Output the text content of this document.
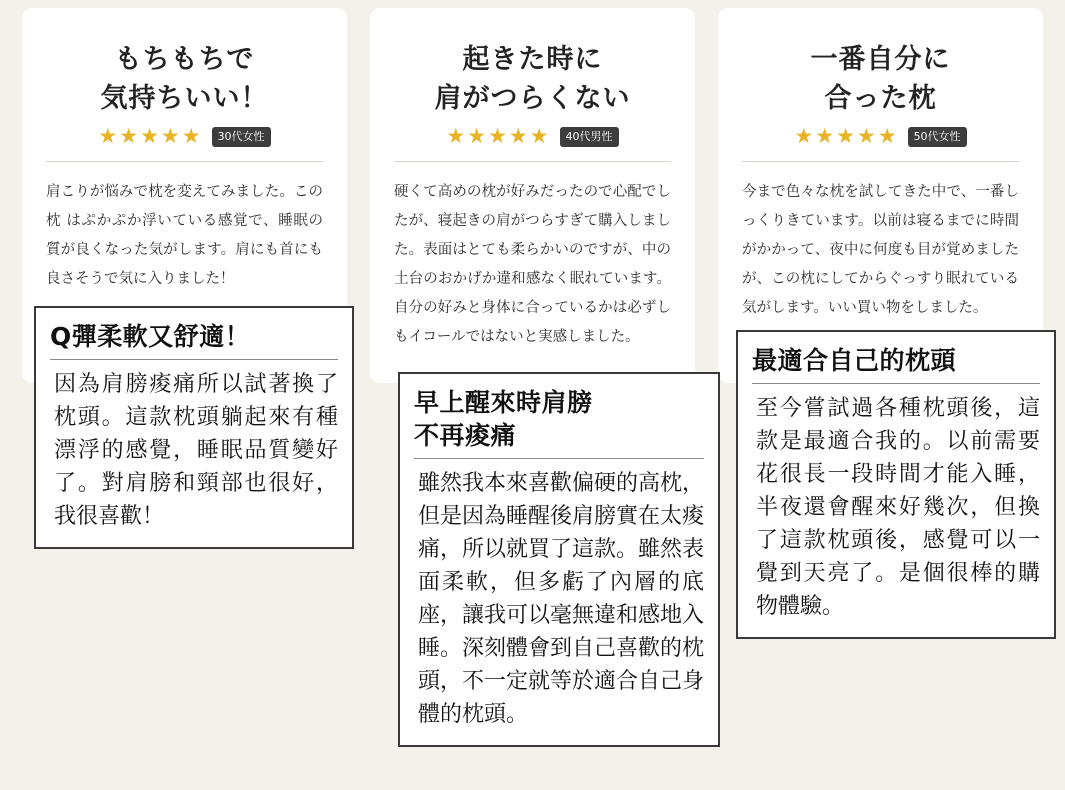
もちもちで
気持ちいい！
★★★★★	30代女性
肩こりが悩みで枕を変えてみました。この枕 はぷかぷか浮いている感覚で、睡眠の質が良くなった気がします。肩にも首にも良さそうで気に入りました！
起きた時に
肩がつらくない
★★★★★	40代男性
硬くて高めの枕が好みだったので心配でしたが、寝起きの肩がつらすぎて購入しました。表面はとても柔らかいのですが、中の土台のおかげか違和感なく眠れています。自分の好みと身体に合っているかは必ずしもイコールではないと実感しました。
一番自分に
合った枕
★★★★★	50代女性
今まで色々な枕を試してきた中で、一番しっくりきています。以前は寝るまでに時間がかかって、夜中に何度も目が覚めましたが、この枕にしてからぐっすり眠れている気がします。いい買い物をしました。
Q彈柔軟又舒適！
因為肩膀痠痛所以試著換了枕頭。這款枕頭躺起來有種漂浮的感覺，睡眠品質變好了。對肩膀和頸部也很好，我很喜歡！
早上醒來時肩膀
不再痠痛
雖然我本來喜歡偏硬的高枕，但是因為睡醒後肩膀實在太痠痛，所以就買了這款。雖然表面柔軟，但多虧了內層的底座，讓我可以毫無違和感地入睡。深刻體會到自己喜歡的枕頭，不一定就等於適合自己身體的枕頭。
最適合自己的枕頭
至今嘗試過各種枕頭後，這款是最適合我的。以前需要花很長一段時間才能入睡，半夜還會醒來好幾次，但換了這款枕頭後，感覺可以一覺到天亮了。是個很棒的購物體驗。
